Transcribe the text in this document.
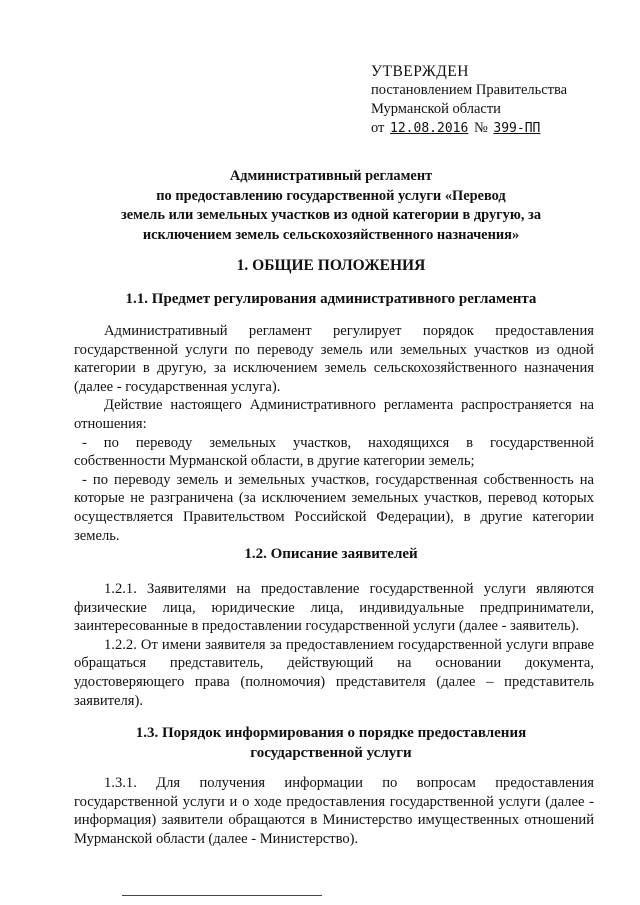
УТВЕРЖДЕН
постановлением Правительства
Мурманской области
от 12.08.2016 № 399-ПП
Административный регламент
по предоставлению государственной услуги «Перевод
земель или земельных участков из одной категории в другую, за
исключением земель сельскохозяйственного назначения»
1. ОБЩИЕ ПОЛОЖЕНИЯ
1.1. Предмет регулирования административного регламента

Административный регламент регулирует порядок предоставления государственной услуги по переводу земель или земельных участков из одной категории в другую, за исключением земель сельскохозяйственного назначения (далее - государственная услуга).

Действие настоящего Административного регламента распространяется на отношения:

- по переводу земельных участков, находящихся в государственной собственности Мурманской области, в другие категории земель;

- по переводу земель и земельных участков, государственная собственность на которые не разграничена (за исключением земельных участков, перевод которых осуществляется Правительством Российской Федерации), в другие категории земель.

1.2. Описание заявителей

1.2.1. Заявителями на предоставление государственной услуги являются физические лица, юридические лица, индивидуальные предприниматели, заинтересованные в предоставлении государственной услуги (далее - заявитель).

1.2.2. От имени заявителя за предоставлением государственной услуги вправе обращаться представитель, действующий на основании документа, удостоверяющего права (полномочия) представителя (далее – представитель заявителя).

1.3. Порядок информирования о порядке предоставления
государственной услуги

1.3.1. Для получения информации по вопросам предоставления государственной услуги и о ходе предоставления государственной услуги (далее - информация) заявители обращаются в Министерство имущественных отношений Мурманской области (далее - Министерство).
